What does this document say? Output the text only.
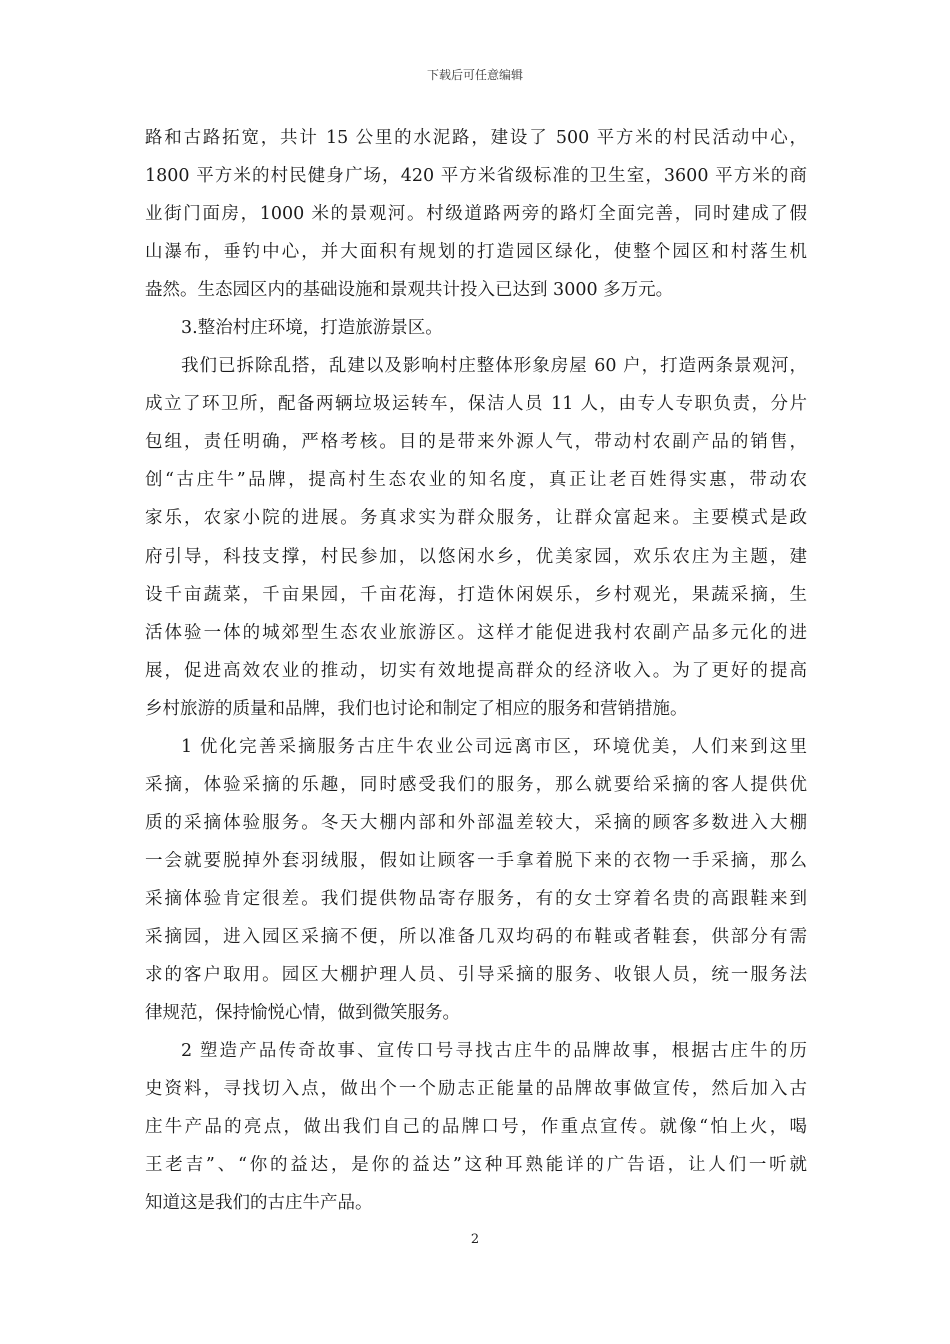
下载后可任意编辑
路和古路拓宽，共计 15 公里的水泥路，建设了 500 平方米的村民活动中心，
1800 平方米的村民健身广场，420 平方米省级标准的卫生室，3600 平方米的商
业街门面房，1000 米的景观河。村级道路两旁的路灯全面完善，同时建成了假
山瀑布，垂钓中心，并大面积有规划的打造园区绿化，使整个园区和村落生机
盎然。生态园区内的基础设施和景观共计投入已达到 3000 多万元。
3.整治村庄环境，打造旅游景区。
我们已拆除乱搭，乱建以及影响村庄整体形象房屋 60 户，打造两条景观河，
成立了环卫所，配备两辆垃圾运转车，保洁人员 11 人，由专人专职负责，分片
包组，责任明确，严格考核。目的是带来外源人气，带动村农副产品的销售，
创“古庄牛”品牌，提高村生态农业的知名度，真正让老百姓得实惠，带动农
家乐，农家小院的进展。务真求实为群众服务，让群众富起来。主要模式是政
府引导，科技支撑，村民参加，以悠闲水乡，优美家园，欢乐农庄为主题，建
设千亩蔬菜，千亩果园，千亩花海，打造休闲娱乐，乡村观光，果蔬采摘，生
活体验一体的城郊型生态农业旅游区。这样才能促进我村农副产品多元化的进
展，促进高效农业的推动，切实有效地提高群众的经济收入。为了更好的提高
乡村旅游的质量和品牌，我们也讨论和制定了相应的服务和营销措施。
1 优化完善采摘服务古庄牛农业公司远离市区，环境优美，人们来到这里
采摘，体验采摘的乐趣，同时感受我们的服务，那么就要给采摘的客人提供优
质的采摘体验服务。冬天大棚内部和外部温差较大，采摘的顾客多数进入大棚
一会就要脱掉外套羽绒服，假如让顾客一手拿着脱下来的衣物一手采摘，那么
采摘体验肯定很差。我们提供物品寄存服务，有的女士穿着名贵的高跟鞋来到
采摘园，进入园区采摘不便，所以准备几双均码的布鞋或者鞋套，供部分有需
求的客户取用。园区大棚护理人员、引导采摘的服务、收银人员，统一服务法
律规范，保持愉悦心情，做到微笑服务。
2 塑造产品传奇故事、宣传口号寻找古庄牛的品牌故事，根据古庄牛的历
史资料，寻找切入点，做出个一个励志正能量的品牌故事做宣传，然后加入古
庄牛产品的亮点，做出我们自己的品牌口号，作重点宣传。就像“怕上火，喝
王老吉”、“你的益达，是你的益达”这种耳熟能详的广告语，让人们一听就
知道这是我们的古庄牛产品。
2
